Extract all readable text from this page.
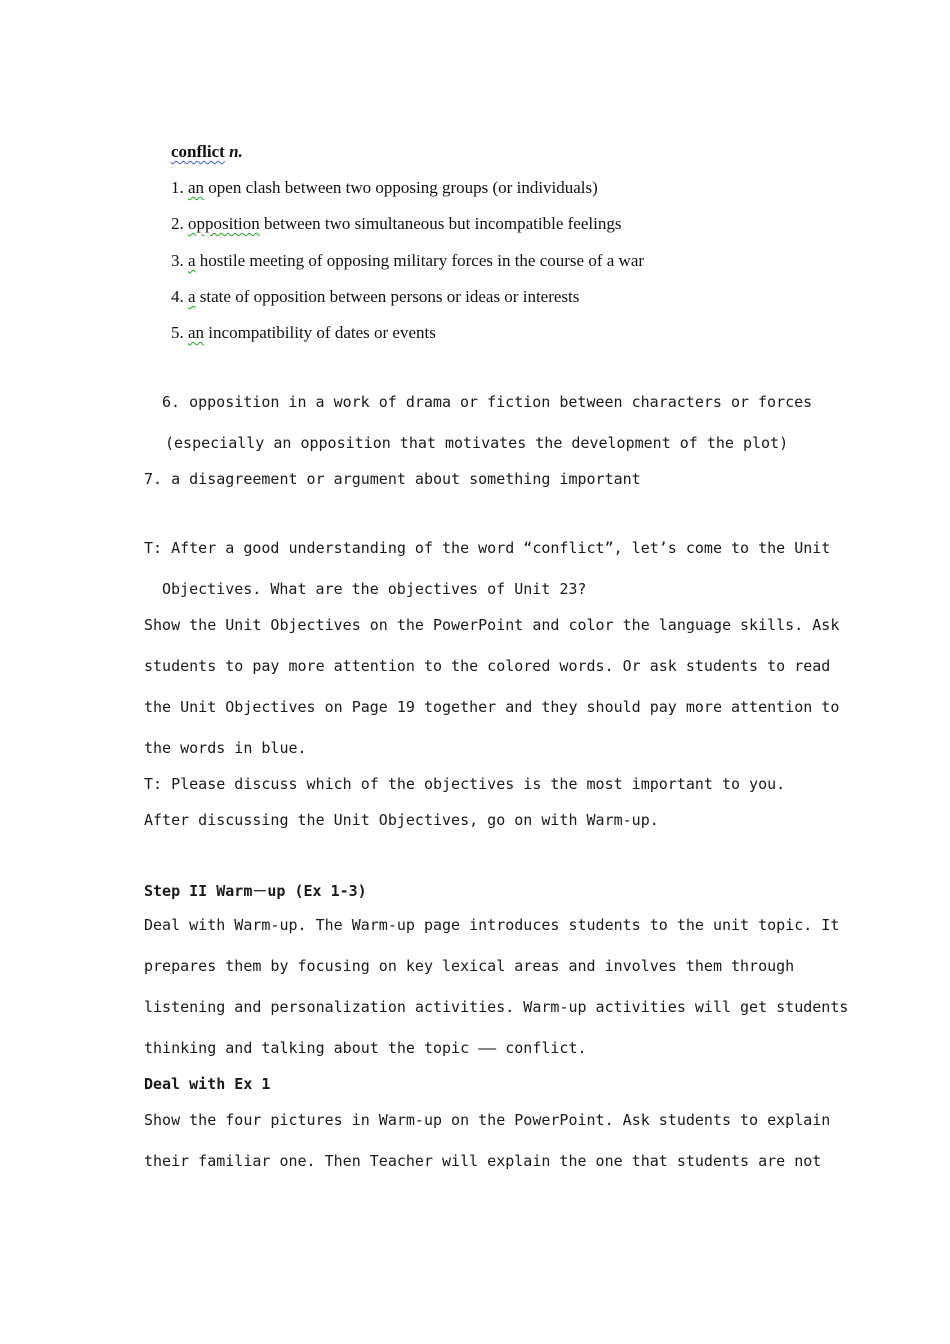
conflict n.
1. an open clash between two opposing groups (or individuals)
2. opposition between two simultaneous but incompatible feelings
3. a hostile meeting of opposing military forces in the course of a war
4. a state of opposition between persons or ideas or interests
5. an incompatibility of dates or events
6. opposition in a work of drama or fiction between characters or forces
(especially an opposition that motivates the development of the plot)
7. a disagreement or argument about something important
T: After a good understanding of the word “conflict”, let’s come to the Unit
Objectives. What are the objectives of Unit 23?
Show the Unit Objectives on the PowerPoint and color the language skills. Ask
students to pay more attention to the colored words. Or ask students to read
the Unit Objectives on Page 19 together and they should pay more attention to
the words in blue.
T: Please discuss which of the objectives is the most important to you.
After discussing the Unit Objectives, go on with Warm-up.
Step II Warm－up (Ex 1-3)
Deal with Warm-up. The Warm-up page introduces students to the unit topic. It
prepares them by focusing on key lexical areas and involves them through
listening and personalization activities. Warm-up activities will get students
thinking and talking about the topic —— conflict.
Deal with Ex 1
Show the four pictures in Warm-up on the PowerPoint. Ask students to explain
their familiar one. Then Teacher will explain the one that students are not
